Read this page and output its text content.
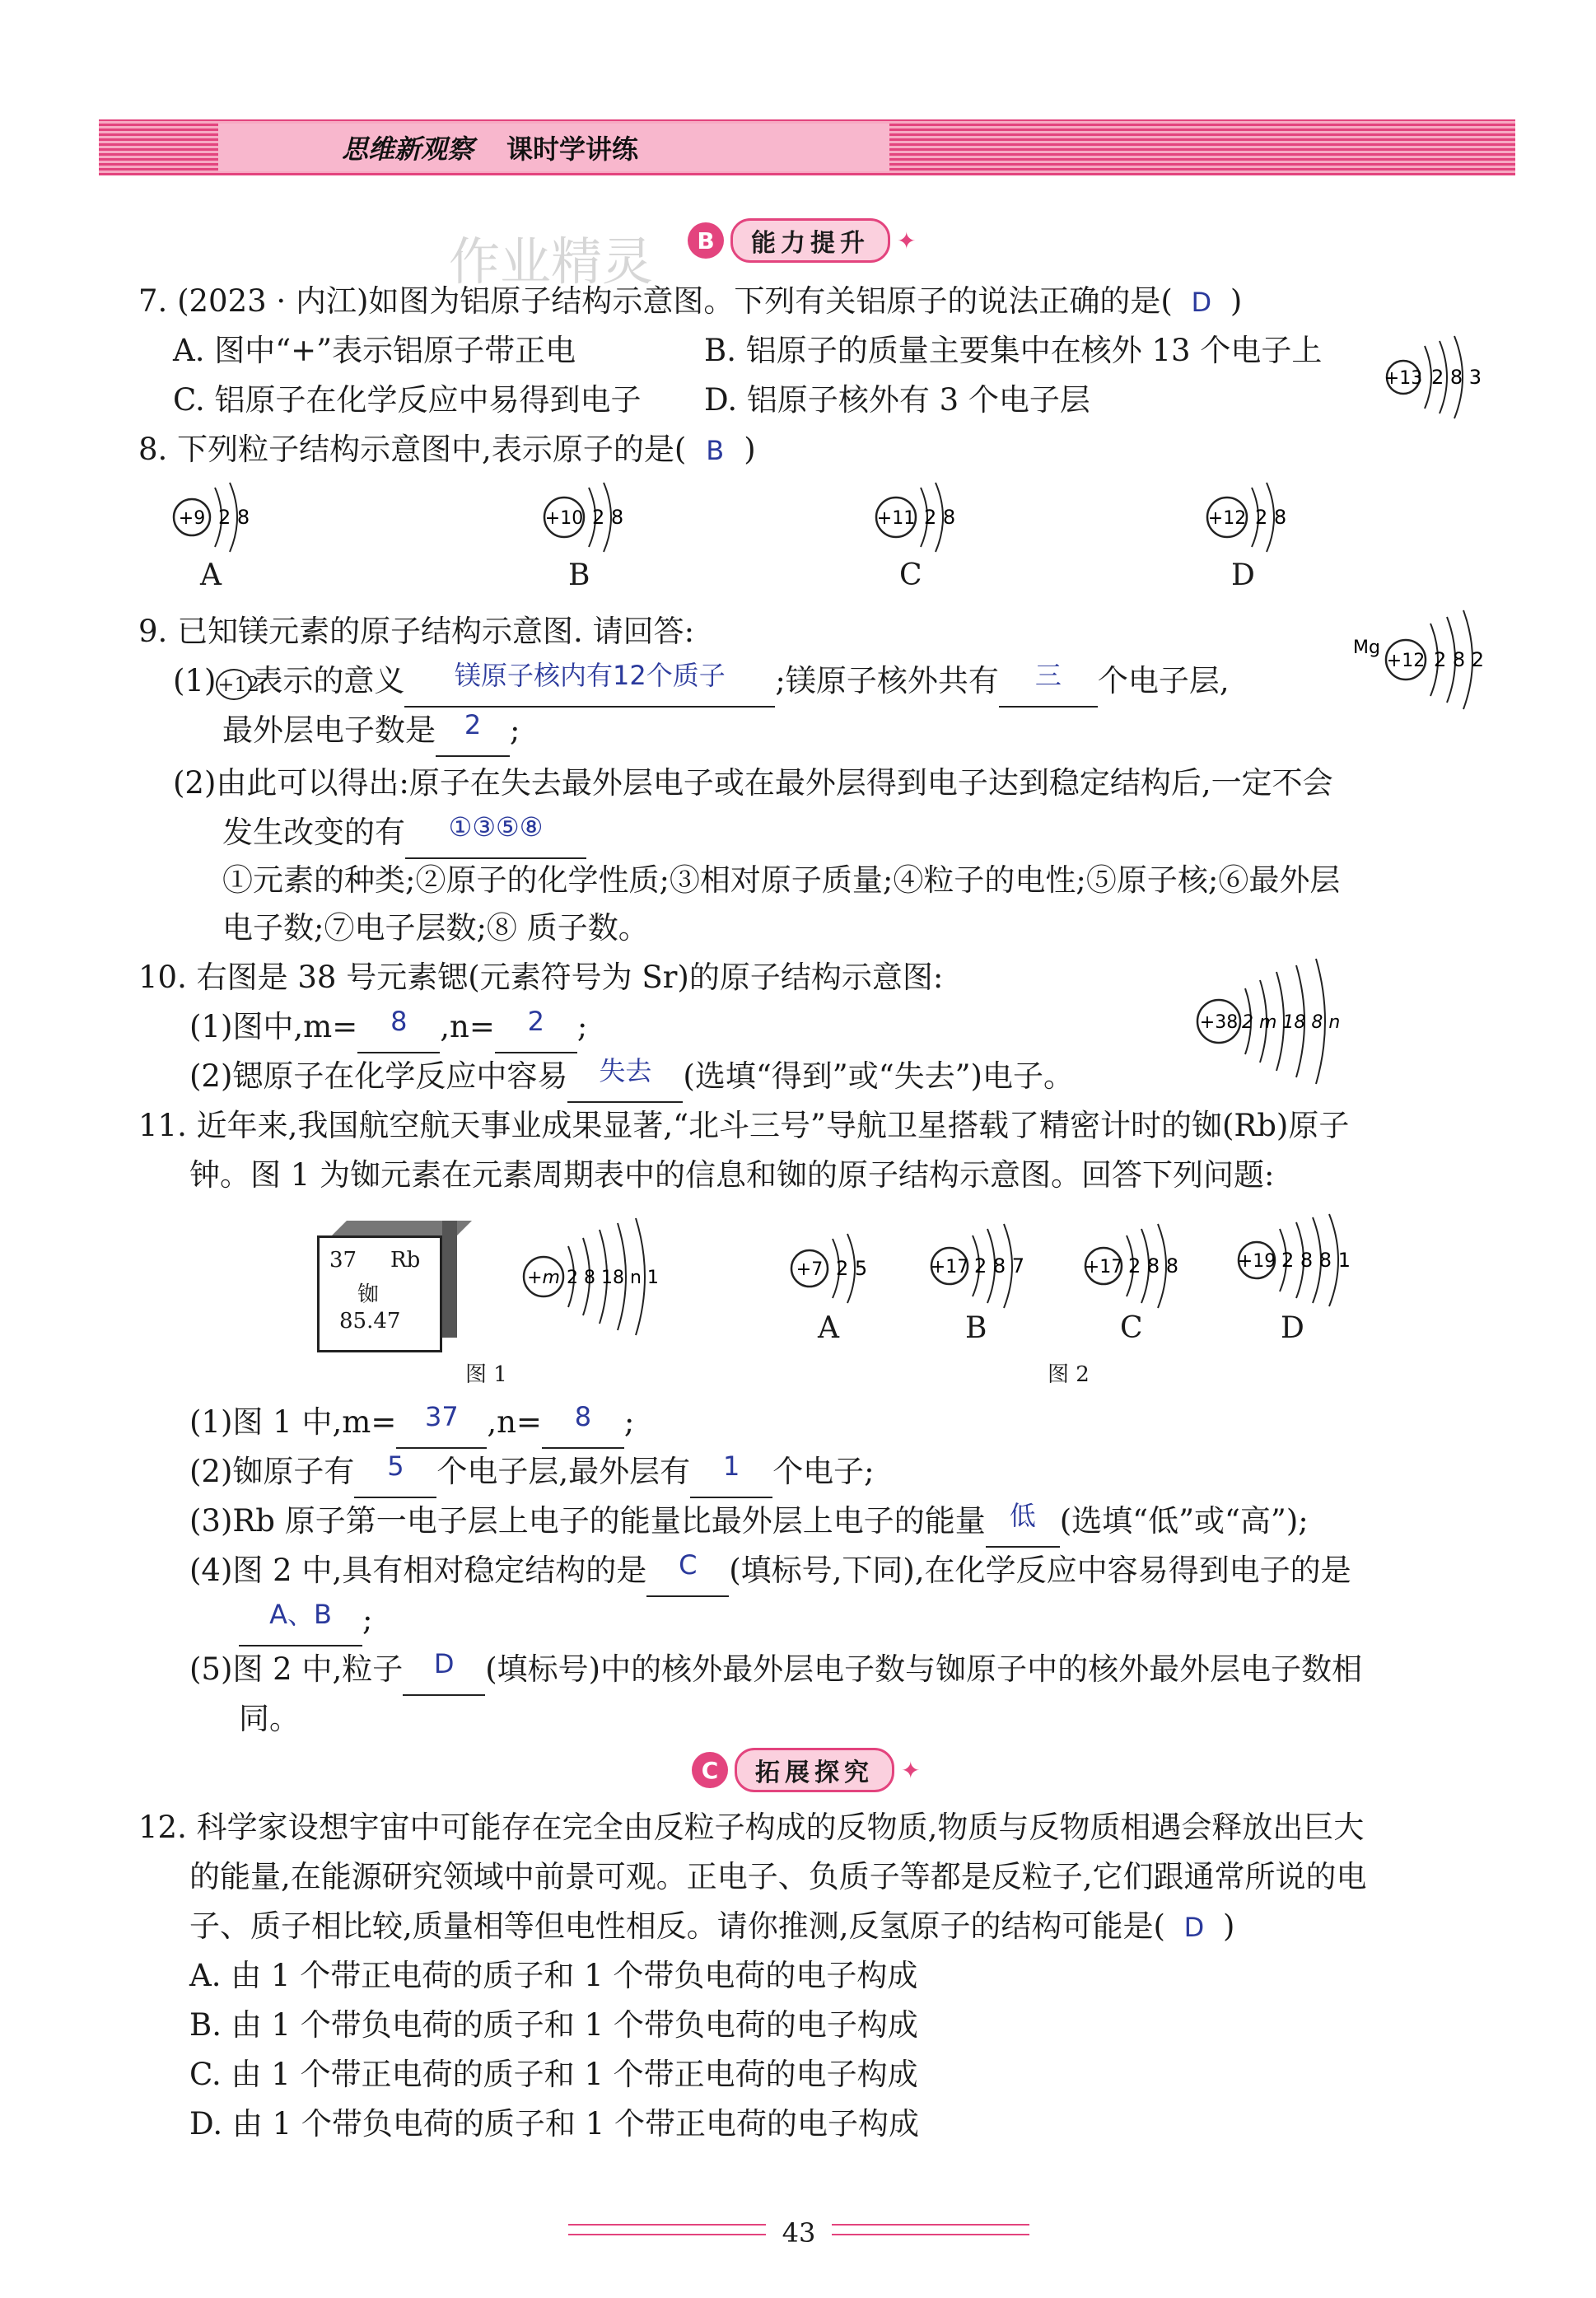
思维新观察 课时学讲练
作业精灵	B	能力提升	✦
7. (2023 · 内江)如图为铝原子结构示意图。下列有关铝原子的说法正确的是( D )
A. 图中“+”表示铝原子带正电	B. 铝原子的质量主要集中在核外 13 个电子上
C. 铝原子在化学反应中易得到电子 D. 铝原子核外有 3 个电子层
+13 2 8 3
8. 下列粒子结构示意图中,表示原子的是( B )
+9 2 8
A
+10 2 8
B
+11 2 8
C
+12 2 8
D
9. 已知镁元素的原子结构示意图. 请回答:	Mg
+12 2 8 2
(1)+12表示的意义 镁原子核内有12个质子 ;镁原子核外共有 三 个电子层,
最外层电子数是 2 ;
(2)由此可以得出:原子在失去最外层电子或在最外层得到电子达到稳定结构后,一定不会
发生改变的有 ①③⑤⑧
①元素的种类;②原子的化学性质;③相对原子质量;④粒子的电性;⑤原子核;⑥最外层
电子数;⑦电子层数;⑧ 质子数。
10. 右图是 38 号元素锶(元素符号为 Sr)的原子结构示意图:
(1)图中,m= 8 ,n= 2 ;
(2)锶原子在化学反应中容易 失去 (选填“得到”或“失去”)电子。
+38 2 m 18 8 n
11. 近年来,我国航空航天事业成果显著,“北斗三号”导航卫星搭载了精密计时的铷(Rb)原子
钟。图 1 为铷元素在元素周期表中的信息和铷的原子结构示意图。回答下列问题:
37 Rb
铷
85.47
+m 2 8 18 n 1
图 1
+7 2 5
A
+17 2 8 7
B
+17 2 8 8
C
+19 2 8 8 1
D
图 2
(1)图 1 中,m= 37 ,n= 8 ;
(2)铷原子有 5 个电子层,最外层有 1 个电子;
(3)Rb 原子第一电子层上电子的能量比最外层上电子的能量 低 (选填“低”或“高”);
(4)图 2 中,具有相对稳定结构的是 C (填标号,下同),在化学反应中容易得到电子的是
A、B ;
(5)图 2 中,粒子 D (填标号)中的核外最外层电子数与铷原子中的核外最外层电子数相
同。
C	拓展探究	✦
12. 科学家设想宇宙中可能存在完全由反粒子构成的反物质,物质与反物质相遇会释放出巨大
的能量,在能源研究领域中前景可观。正电子、负质子等都是反粒子,它们跟通常所说的电
子、质子相比较,质量相等但电性相反。请你推测,反氢原子的结构可能是( D )
A. 由 1 个带正电荷的质子和 1 个带负电荷的电子构成
B. 由 1 个带负电荷的质子和 1 个带负电荷的电子构成
C. 由 1 个带正电荷的质子和 1 个带正电荷的电子构成
D. 由 1 个带负电荷的质子和 1 个带正电荷的电子构成
43
